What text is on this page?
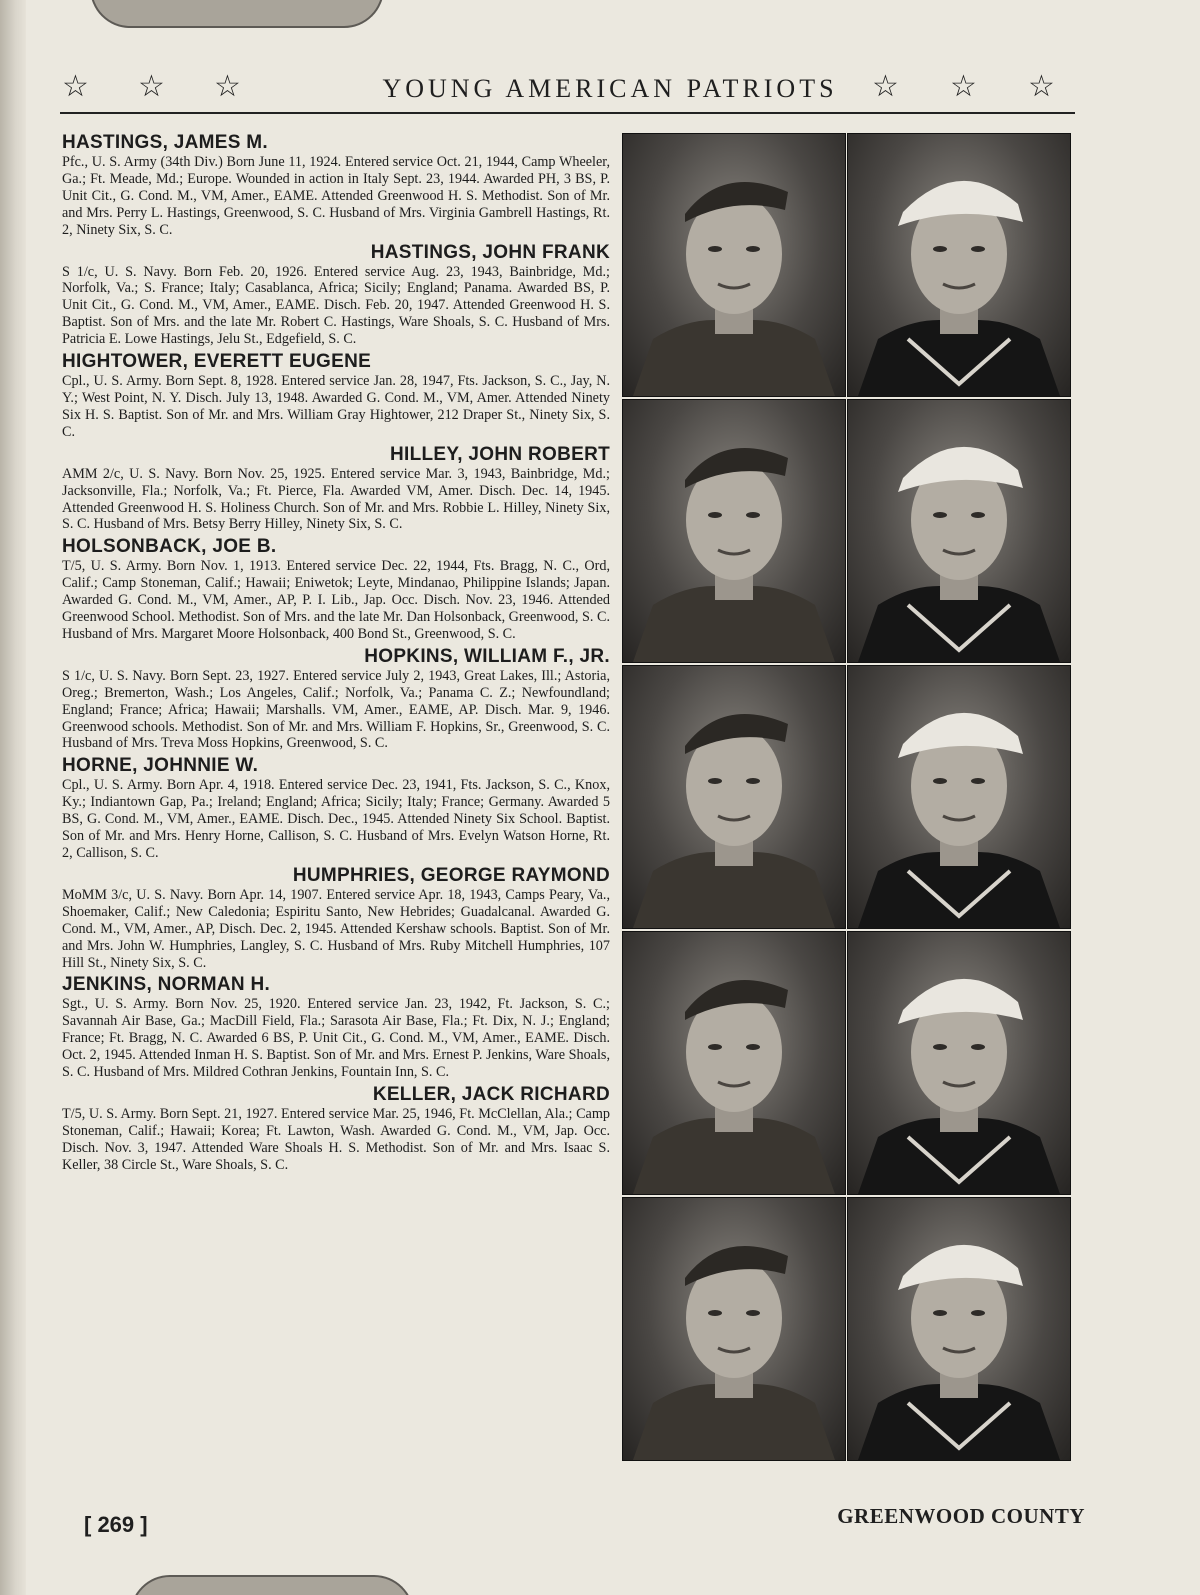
☆ ☆ ☆	YOUNG AMERICAN PATRIOTS	☆ ☆ ☆
HASTINGS, JAMES M.

Pfc., U. S. Army (34th Div.) Born June 11, 1924. Entered service Oct. 21, 1944, Camp Wheeler, Ga.; Ft. Meade, Md.; Europe. Wounded in action in Italy Sept. 23, 1944. Awarded PH, 3 BS, P. Unit Cit., G. Cond. M., VM, Amer., EAME. Attended Greenwood H. S. Methodist. Son of Mr. and Mrs. Perry L. Hastings, Greenwood, S. C. Husband of Mrs. Virginia Gambrell Hastings, Rt. 2, Ninety Six, S. C.

HASTINGS, JOHN FRANK

S 1/c, U. S. Navy. Born Feb. 20, 1926. Entered service Aug. 23, 1943, Bainbridge, Md.; Norfolk, Va.; S. France; Italy; Casablanca, Africa; Sicily; England; Panama. Awarded BS, P. Unit Cit., G. Cond. M., VM, Amer., EAME. Disch. Feb. 20, 1947. Attended Greenwood H. S. Baptist. Son of Mrs. and the late Mr. Robert C. Hastings, Ware Shoals, S. C. Husband of Mrs. Patricia E. Lowe Hastings, Jelu St., Edgefield, S. C.

HIGHTOWER, EVERETT EUGENE

Cpl., U. S. Army. Born Sept. 8, 1928. Entered service Jan. 28, 1947, Fts. Jackson, S. C., Jay, N. Y.; West Point, N. Y. Disch. July 13, 1948. Awarded G. Cond. M., VM, Amer. Attended Ninety Six H. S. Baptist. Son of Mr. and Mrs. William Gray Hightower, 212 Draper St., Ninety Six, S. C.

HILLEY, JOHN ROBERT

AMM 2/c, U. S. Navy. Born Nov. 25, 1925. Entered service Mar. 3, 1943, Bainbridge, Md.; Jacksonville, Fla.; Norfolk, Va.; Ft. Pierce, Fla. Awarded VM, Amer. Disch. Dec. 14, 1945. Attended Greenwood H. S. Holiness Church. Son of Mr. and Mrs. Robbie L. Hilley, Ninety Six, S. C. Husband of Mrs. Betsy Berry Hilley, Ninety Six, S. C.

HOLSONBACK, JOE B.

T/5, U. S. Army. Born Nov. 1, 1913. Entered service Dec. 22, 1944, Fts. Bragg, N. C., Ord, Calif.; Camp Stoneman, Calif.; Hawaii; Eniwetok; Leyte, Mindanao, Philippine Islands; Japan. Awarded G. Cond. M., VM, Amer., AP, P. I. Lib., Jap. Occ. Disch. Nov. 23, 1946. Attended Greenwood School. Methodist. Son of Mrs. and the late Mr. Dan Holsonback, Greenwood, S. C. Husband of Mrs. Margaret Moore Holsonback, 400 Bond St., Greenwood, S. C.

HOPKINS, WILLIAM F., JR.

S 1/c, U. S. Navy. Born Sept. 23, 1927. Entered service July 2, 1943, Great Lakes, Ill.; Astoria, Oreg.; Bremerton, Wash.; Los Angeles, Calif.; Norfolk, Va.; Panama C. Z.; Newfoundland; England; France; Africa; Hawaii; Marshalls. VM, Amer., EAME, AP. Disch. Mar. 9, 1946. Greenwood schools. Methodist. Son of Mr. and Mrs. William F. Hopkins, Sr., Greenwood, S. C. Husband of Mrs. Treva Moss Hopkins, Greenwood, S. C.

HORNE, JOHNNIE W.

Cpl., U. S. Army. Born Apr. 4, 1918. Entered service Dec. 23, 1941, Fts. Jackson, S. C., Knox, Ky.; Indiantown Gap, Pa.; Ireland; England; Africa; Sicily; Italy; France; Germany. Awarded 5 BS, G. Cond. M., VM, Amer., EAME. Disch. Dec., 1945. Attended Ninety Six School. Baptist. Son of Mr. and Mrs. Henry Horne, Callison, S. C. Husband of Mrs. Evelyn Watson Horne, Rt. 2, Callison, S. C.

HUMPHRIES, GEORGE RAYMOND

MoMM 3/c, U. S. Navy. Born Apr. 14, 1907. Entered service Apr. 18, 1943, Camps Peary, Va., Shoemaker, Calif.; New Caledonia; Espiritu Santo, New Hebrides; Guadalcanal. Awarded G. Cond. M., VM, Amer., AP, Disch. Dec. 2, 1945. Attended Kershaw schools. Baptist. Son of Mr. and Mrs. John W. Humphries, Langley, S. C. Husband of Mrs. Ruby Mitchell Humphries, 107 Hill St., Ninety Six, S. C.

JENKINS, NORMAN H.

Sgt., U. S. Army. Born Nov. 25, 1920. Entered service Jan. 23, 1942, Ft. Jackson, S. C.; Savannah Air Base, Ga.; MacDill Field, Fla.; Sarasota Air Base, Fla.; Ft. Dix, N. J.; England; France; Ft. Bragg, N. C. Awarded 6 BS, P. Unit Cit., G. Cond. M., VM, Amer., EAME. Disch. Oct. 2, 1945. Attended Inman H. S. Baptist. Son of Mr. and Mrs. Ernest P. Jenkins, Ware Shoals, S. C. Husband of Mrs. Mildred Cothran Jenkins, Fountain Inn, S. C.

KELLER, JACK RICHARD

T/5, U. S. Army. Born Sept. 21, 1927. Entered service Mar. 25, 1946, Ft. McClellan, Ala.; Camp Stoneman, Calif.; Hawaii; Korea; Ft. Lawton, Wash. Awarded G. Cond. M., VM, Jap. Occ. Disch. Nov. 3, 1947. Attended Ware Shoals H. S. Methodist. Son of Mr. and Mrs. Isaac S. Keller, 38 Circle St., Ware Shoals, S. C.

[ 269 ]	GREENWOOD COUNTY
